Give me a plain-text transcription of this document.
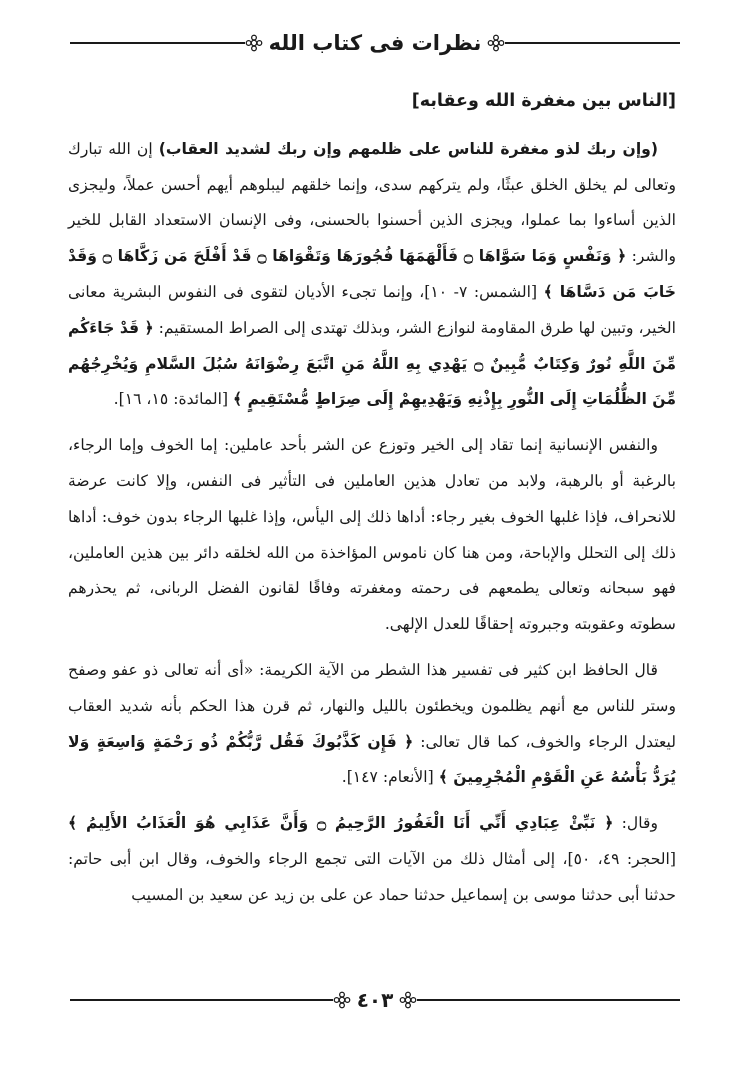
نظرات فى كتاب الله
[الناس بين مغفرة الله وعقابه]

(وإن ربك لذو مغفرة للناس على ظلمهم وإن ربك لشديد العقاب) إن الله تبارك وتعالى لم يخلق الخلق عبثًا، ولم يتركهم سدى، وإنما خلقهم ليبلوهم أيهم أحسن عملاً، وليجزى الذين أساءوا بما عملوا، ويجزى الذين أحسنوا بالحسنى، وفى الإنسان الاستعداد القابل للخير والشر: ﴿ وَنَفْسٍ وَمَا سَوَّاهَا ۝ فَأَلْهَمَهَا فُجُورَهَا وَتَقْوَاهَا ۝ قَدْ أَفْلَحَ مَن زَكَّاهَا ۝ وَقَدْ خَابَ مَن دَسَّاهَا ﴾ [الشمس: ٧- ١٠]، وإنما تجىء الأديان لتقوى فى النفوس البشرية معانى الخير، وتبين لها طرق المقاومة لنوازع الشر، وبذلك تهتدى إلى الصراط المستقيم: ﴿ قَدْ جَاءَكُم مِّنَ اللَّهِ نُورٌ وَكِتَابٌ مُّبِينٌ ۝ يَهْدِي بِهِ اللَّهُ مَنِ اتَّبَعَ رِضْوَانَهُ سُبُلَ السَّلامِ وَيُخْرِجُهُم مِّنَ الظُّلُمَاتِ إِلَى النُّورِ بِإِذْنِهِ وَيَهْدِيهِمْ إِلَى صِرَاطٍ مُّسْتَقِيمٍ ﴾ [المائدة: ١٥، ١٦].

والنفس الإنسانية إنما تقاد إلى الخير وتوزع عن الشر بأحد عاملين: إما الخوف وإما الرجاء، بالرغبة أو بالرهبة، ولابد من تعادل هذين العاملين فى التأثير فى النفس، وإلا كانت عرضة للانحراف، فإذا غلبها الخوف بغير رجاء: أداها ذلك إلى اليأس، وإذا غلبها الرجاء بدون خوف: أداها ذلك إلى التحلل والإباحة، ومن هنا كان ناموس المؤاخذة من الله لخلقه دائر بين هذين العاملين، فهو سبحانه وتعالى يطمعهم فى رحمته ومغفرته وفاقًا لقانون الفضل الربانى، ثم يحذرهم سطوته وعقوبته وجبروته إحقاقًا للعدل الإلهى.

قال الحافظ ابن كثير فى تفسير هذا الشطر من الآية الكريمة: «أى أنه تعالى ذو عفو وصفح وستر للناس مع أنهم يظلمون ويخطئون بالليل والنهار، ثم قرن هذا الحكم بأنه شديد العقاب ليعتدل الرجاء والخوف، كما قال تعالى: ﴿ فَإِن كَذَّبُوكَ فَقُل رَّبُّكُمْ ذُو رَحْمَةٍ وَاسِعَةٍ وَلا يُرَدُّ بَأْسُهُ عَنِ الْقَوْمِ الْمُجْرِمِينَ ﴾ [الأنعام: ١٤٧].

وقال: ﴿ نَبِّئْ عِبَادِي أَنِّي أَنَا الْغَفُورُ الرَّحِيمُ ۝ وَأَنَّ عَذَابِي هُوَ الْعَذَابُ الأَلِيمُ ﴾ [الحجر: ٤٩، ٥٠]، إلى أمثال ذلك من الآيات التى تجمع الرجاء والخوف، وقال ابن أبى حاتم: حدثنا أبى حدثنا موسى بن إسماعيل حدثنا حماد عن على بن زيد عن سعيد بن المسيب

٤٠٣
